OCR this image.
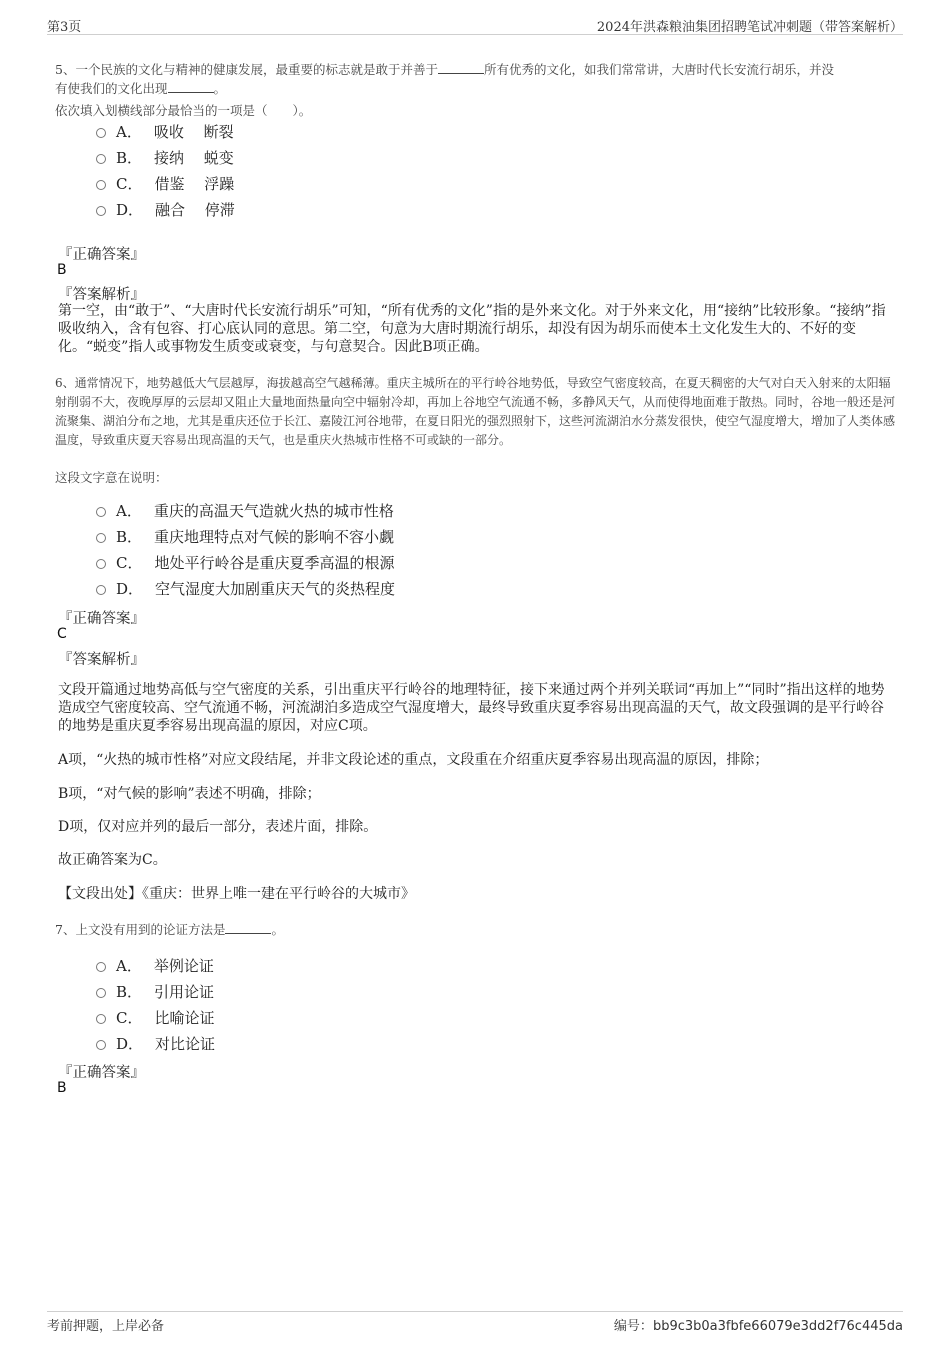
第3页	2024年洪森粮油集团招聘笔试冲刺题（带答案解析）

5、一个民族的文化与精神的健康发展，最重要的标志就是敢于并善于	所有优秀的文化，如我们常常讲，大唐时代长安流行胡乐，并没

有使我们的文化出现	。

依次填入划横线部分最恰当的一项是（　　）。
A． 吸收　 断裂
B． 接纳　 蜕变
C． 借鉴　 浮躁
D． 融合　 停滞
『正确答案』
B
『答案解析』

第一空，由“敢于”、“大唐时代长安流行胡乐”可知，“所有优秀的文化”指的是外来文化。对于外来文化，用“接纳”比较形象。“接纳”指吸收纳入，含有包容、打心底认同的意思。第二空，句意为大唐时期流行胡乐，却没有因为胡乐而使本土文化发生大的、不好的变化。“蜕变”指人或事物发生质变或衰变，与句意契合。因此B项正确。

6、通常情况下，地势越低大气层越厚，海拔越高空气越稀薄。重庆主城所在的平行岭谷地势低，导致空气密度较高，在夏天稠密的大气对白天入射来的太阳辐射削弱不大，夜晚厚厚的云层却又阻止大量地面热量向空中辐射冷却，再加上谷地空气流通不畅，多静风天气，从而使得地面难于散热。同时，谷地一般还是河流聚集、湖泊分布之地，尤其是重庆还位于长江、嘉陵江河谷地带，在夏日阳光的强烈照射下，这些河流湖泊水分蒸发很快，使空气湿度增大，增加了人类体感温度，导致重庆夏天容易出现高温的天气，也是重庆火热城市性格不可或缺的一部分。
这段文字意在说明：
A． 重庆的高温天气造就火热的城市性格
B． 重庆地理特点对气候的影响不容小觑
C． 地处平行岭谷是重庆夏季高温的根源
D． 空气湿度大加剧重庆天气的炎热程度
『正确答案』
C
『答案解析』

文段开篇通过地势高低与空气密度的关系，引出重庆平行岭谷的地理特征，接下来通过两个并列关联词“再加上”“同时”指出这样的地势造成空气密度较高、空气流通不畅，河流湖泊多造成空气湿度增大，最终导致重庆夏季容易出现高温的天气，故文段强调的是平行岭谷的地势是重庆夏季容易出现高温的原因，对应C项。

A项，“火热的城市性格”对应文段结尾，并非文段论述的重点，文段重在介绍重庆夏季容易出现高温的原因，排除；

B项，“对气候的影响”表述不明确，排除；

D项，仅对应并列的最后一部分，表述片面，排除。

故正确答案为C。

【文段出处】《重庆：世界上唯一建在平行岭谷的大城市》

7、上文没有用到的论证方法是	。

A． 举例论证
B． 引用论证
C． 比喻论证
D． 对比论证
『正确答案』
B
考前押题，上岸必备	编号：bb9c3b0a3fbfe66079e3dd2f76c445da
